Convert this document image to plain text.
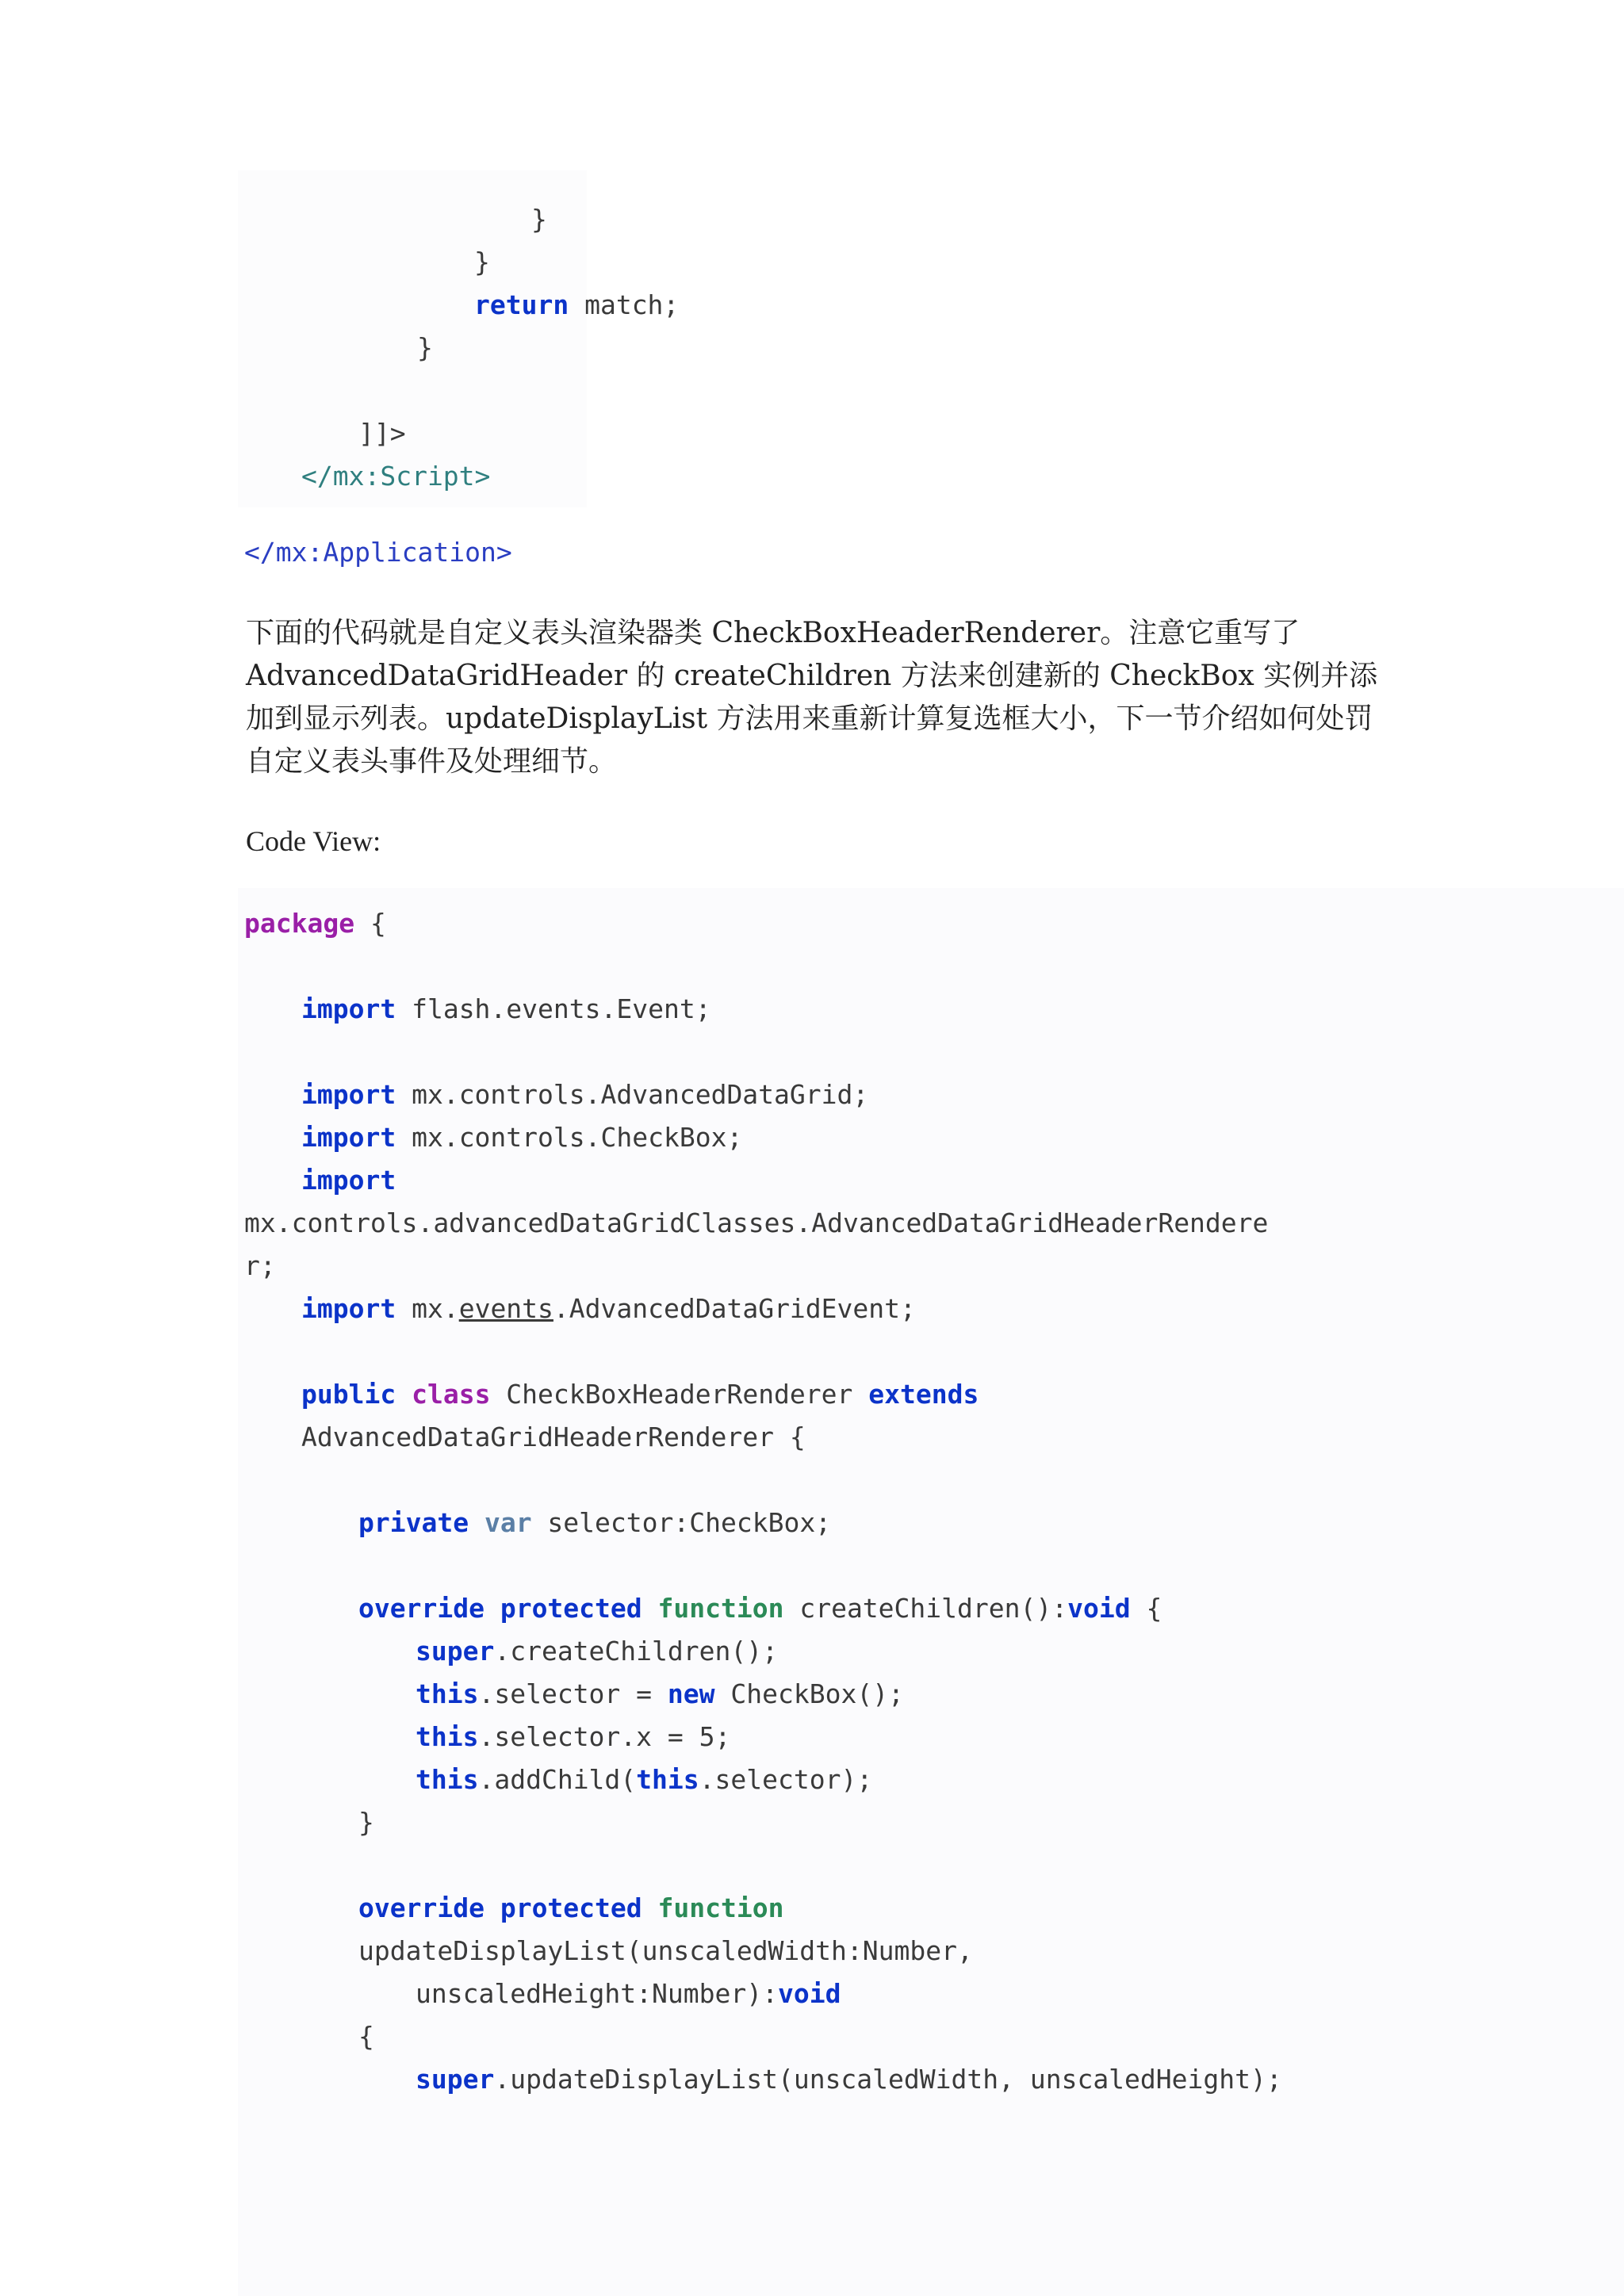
}
}
return match;
}
]]>
</mx:Script>
</mx:Application>

下面的代码就是自定义表头渲染器类 CheckBoxHeaderRenderer。注意它重写了 AdvancedDataGridHeader 的 createChildren 方法来创建新的 CheckBox 实例并添加到显示列表。updateDisplayList 方法用来重新计算复选框大小，下一节介绍如何处罚自定义表头事件及处理细节。

Code View:
package {
import flash.events.Event;
import mx.controls.AdvancedDataGrid;
import mx.controls.CheckBox;
import
mx.controls.advancedDataGridClasses.AdvancedDataGridHeaderRendere
r;
import mx.events.AdvancedDataGridEvent;
public class CheckBoxHeaderRenderer extends
AdvancedDataGridHeaderRenderer {
private var selector:CheckBox;
override protected function createChildren():void {
super.createChildren();
this.selector = new CheckBox();
this.selector.x = 5;
this.addChild(this.selector);
}
override protected function
updateDisplayList(unscaledWidth:Number,
unscaledHeight:Number):void
{
super.updateDisplayList(unscaledWidth, unscaledHeight);
